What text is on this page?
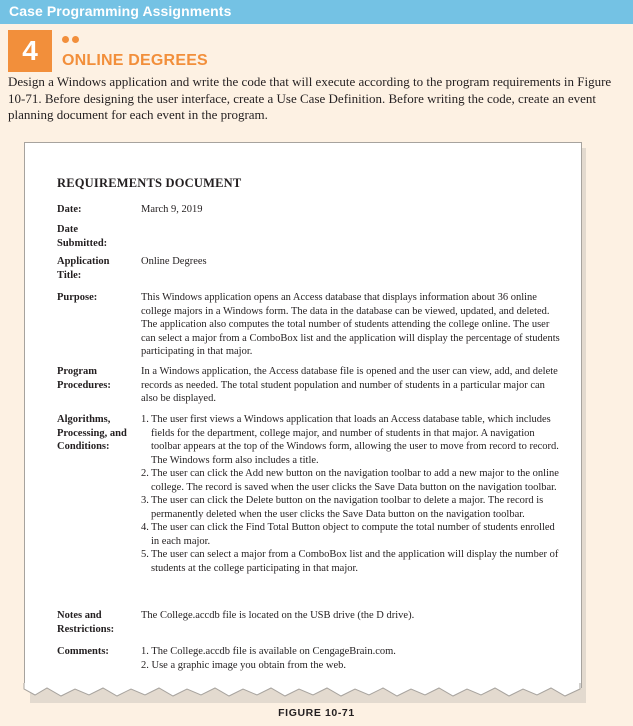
Case Programming Assignments
4	ONLINE DEGREES
Design a Windows application and write the code that will execute according to the program requirements in Figure 10-71. Before designing the user interface, create a Use Case Definition. Before writing the code, create an event planning document for each event in the program.
REQUIREMENTS DOCUMENT
Date:	March 9, 2019
Date Submitted:
Application Title:
Online Degrees
Purpose:	This Windows application opens an Access database that displays information about 36 online college majors in a Windows form. The data in the database can be viewed, updated, and deleted. The application also computes the total number of students attending the college online. The user can select a major from a ComboBox list and the application will display the percentage of students participating in that major.
Program Procedures:
In a Windows application, the Access database file is opened and the user can view, add, and delete records as needed. The total student population and number of students in a particular major can also be displayed.
Algorithms, Processing, and Conditions:
1. The user first views a Windows application that loads an Access database table, which includes fields for the department, college major, and number of students in that major. A navigation toolbar appears at the top of the Windows form, allowing the user to move from record to record. The Windows form also includes a title.
2. The user can click the Add new button on the navigation toolbar to add a new major to the online college. The record is saved when the user clicks the Save Data button on the navigation toolbar.
3. The user can click the Delete button on the navigation toolbar to delete a major. The record is permanently deleted when the user clicks the Save Data button on the navigation toolbar.
4. The user can click the Find Total Button object to compute the total number of students enrolled in each major.
5. The user can select a major from a ComboBox list and the application will display the number of students at the college participating in that major.
Notes and Restrictions:
The College.accdb file is located on the USB drive (the D drive).
Comments:	1. The College.accdb file is available on CengageBrain.com.
2. Use a graphic image you obtain from the web.
FIGURE 10-71
